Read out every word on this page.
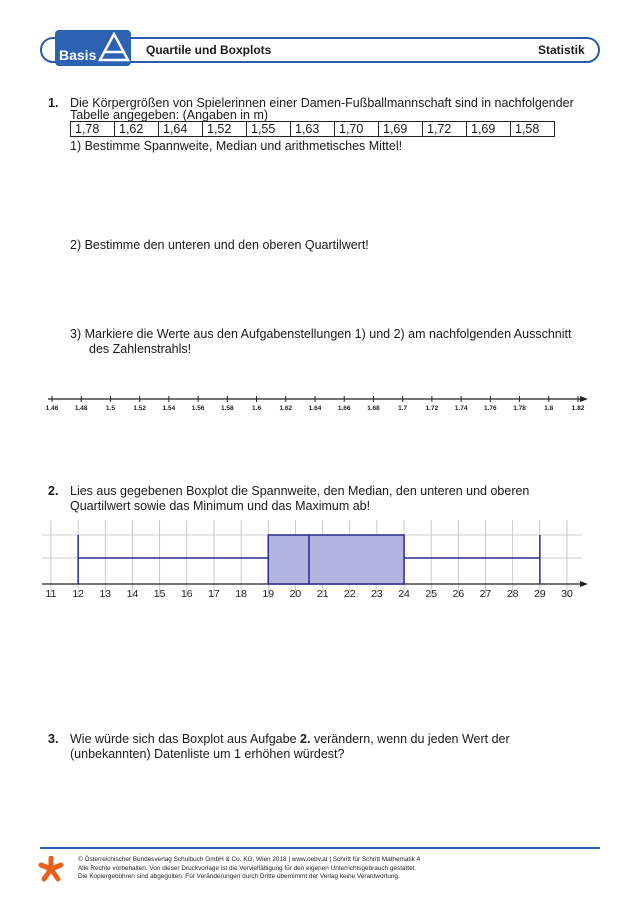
Basis	Quartile und Boxplots	Statistik
1. Die Körpergrößen von Spielerinnen einer Damen-Fußballmannschaft sind in nachfolgender
Tabelle angegeben: (Angaben in m)
1,78	1,62	1,64	1,52	1,55	1,63	1,70	1,69	1,72	1,69	1,58
1) Bestimme Spannweite, Median und arithmetisches Mittel!
2) Bestimme den unteren und den oberen Quartilwert!
3) Markiere die Werte aus den Aufgabenstellungen 1) und 2) am nachfolgenden Ausschnitt
des Zahlenstrahls!
1.46	1.48	1.5	1.52	1.54	1.56	1.58	1.6	1.62	1.64	1.66	1.68	1.7	1.72	1.74	1.76	1.78	1.8	1.82
2. Lies aus gegebenen Boxplot die Spannweite, den Median, den unteren und oberen
Quartilwert sowie das Minimum und das Maximum ab!
11 12 13 14 15 16 17 18 19 20 21 22 23 24 25 26 27 28 29 30
3. Wie würde sich das Boxplot aus Aufgabe 2. verändern, wenn du jeden Wert der
(unbekannten) Datenliste um 1 erhöhen würdest?
© Österreichischer Bundesverlag Schulbuch GmbH & Co. KG, Wien 2018 | www.oebv.at | Schritt für Schritt Mathematik 4
Alle Rechte vorbehalten. Von dieser Druckvorlage ist die Vervielfältigung für den eigenen Unterrichtsgebrauch gestattet.
Die Kopiergebühren sind abgegolten. Für Veränderungen durch Dritte übernimmt der Verlag keine Verantwortung.
